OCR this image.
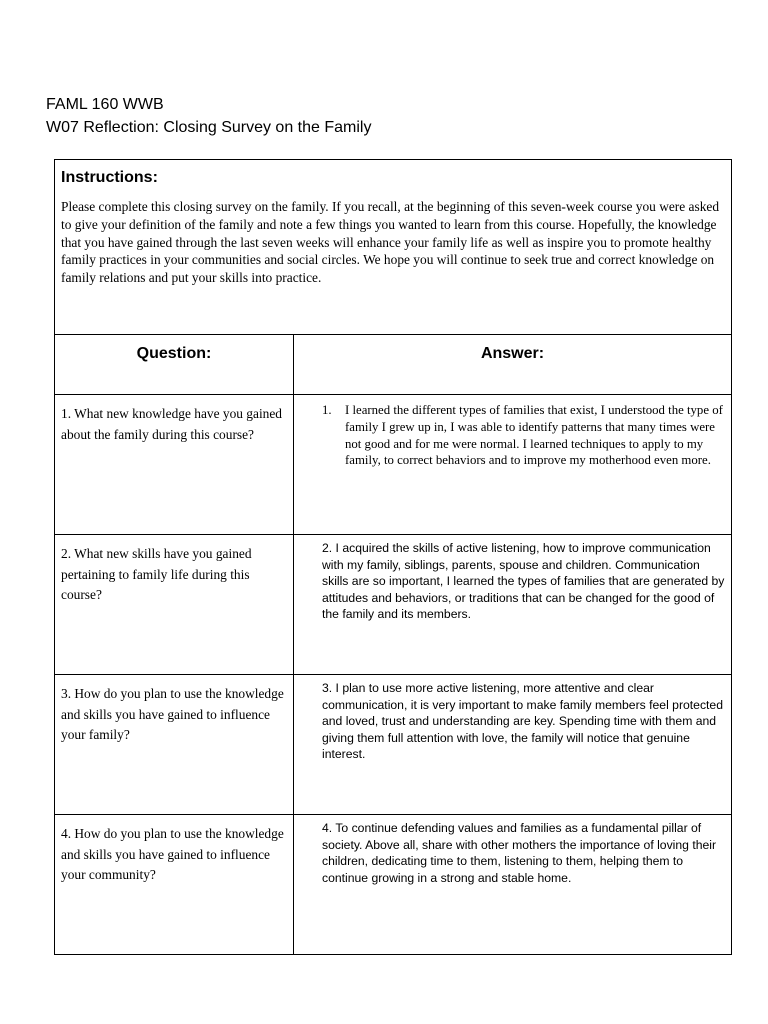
FAML 160 WWB
W07 Reflection: Closing Survey on the Family

Instructions:

Please complete this closing survey on the family. If you recall, at the beginning of this seven-week course you were asked to give your definition of the family and note a few things you wanted to learn from this course. Hopefully, the knowledge that you have gained through the last seven weeks will enhance your family life as well as inspire you to promote healthy family practices in your communities and social circles. We hope you will continue to seek true and correct knowledge on family relations and put your skills into practice.	

Question:	Answer:
1. What new knowledge have you gained about the family during this course?	1. I learned the different types of families that exist, I understood the type of family I grew up in, I was able to identify patterns that many times were not good and for me were normal. I learned techniques to apply to my family, to correct behaviors and to improve my motherhood even more.

2. What new skills have you gained pertaining to family life during this course?	2. I acquired the skills of active listening, how to improve communication with my family, siblings, parents, spouse and children. Communication skills are so important, I learned the types of families that are generated by attitudes and behaviors, or traditions that can be changed for the good of the family and its members.
3. How do you plan to use the knowledge and skills you have gained to influence your family?	3. I plan to use more active listening, more attentive and clear communication, it is very important to make family members feel protected and loved, trust and understanding are key. Spending time with them and giving them full attention with love, the family will notice that genuine interest.
4. How do you plan to use the knowledge and skills you have gained to influence your community?	4. To continue defending values and families as a fundamental pillar of society. Above all, share with other mothers the importance of loving their children, dedicating time to them, listening to them, helping them to continue growing in a strong and stable home.
